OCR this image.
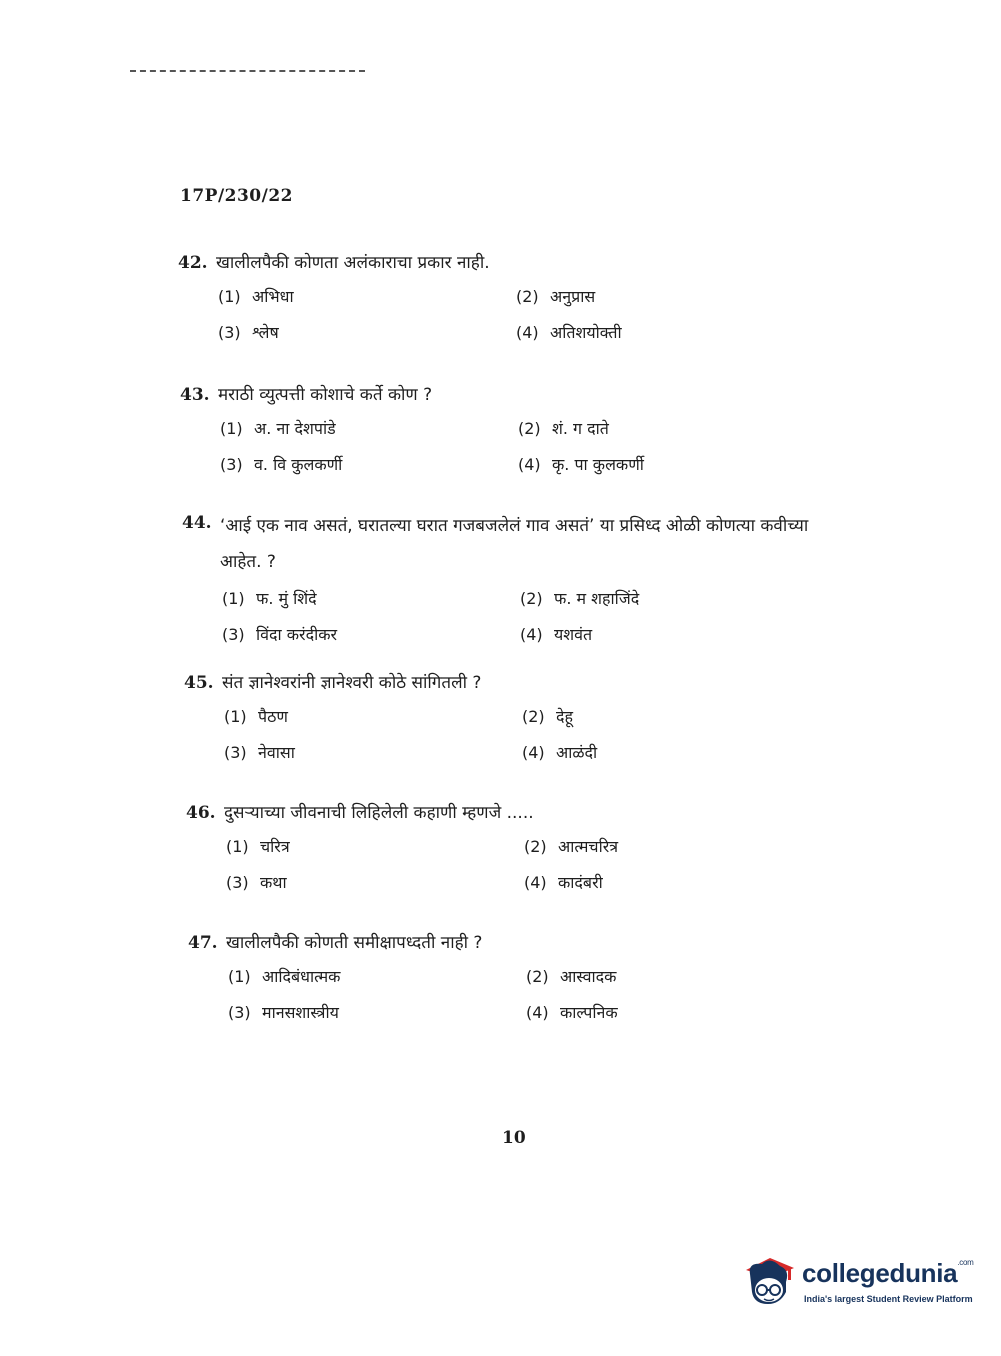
17P/230/22
42. खालीलपैकी कोणता अलंकाराचा प्रकार नाही.
(1) अभिधा	(2) अनुप्रास
(3) श्लेष	(4) अतिशयोक्ती
43. मराठी व्युत्पत्ती कोशाचे कर्ते कोण ?
(1) अ. ना देशपांडे	(2) शं. ग दाते
(3) व. वि कुलकर्णी	(4) कृ. पा कुलकर्णी
44. ‘आई एक नाव असतं, घरातल्या घरात गजबजलेलं गाव असतं’ या प्रसिध्द ओळी कोणत्या कवीच्या आहेत. ?
(1) फ. मुं शिंदे	(2) फ. म शहाजिंदे
(3) विंदा करंदीकर	(4) यशवंत
45. संत ज्ञानेश्वरांनी ज्ञानेश्वरी कोठे सांगितली ?
(1) पैठण	(2) देहू
(3) नेवासा	(4) आळंदी
46. दुसऱ्याच्या जीवनाची लिहिलेली कहाणी म्हणजे .....
(1) चरित्र	(2) आत्मचरित्र
(3) कथा	(4) कादंबरी
47. खालीलपैकी कोणती समीक्षापध्दती नाही ?
(1) आदिबंधात्मक	(2) आस्वादक
(3) मानसशास्त्रीय	(4) काल्पनिक
10
collegedunia$^{.com}$
India's largest Student Review Platform
